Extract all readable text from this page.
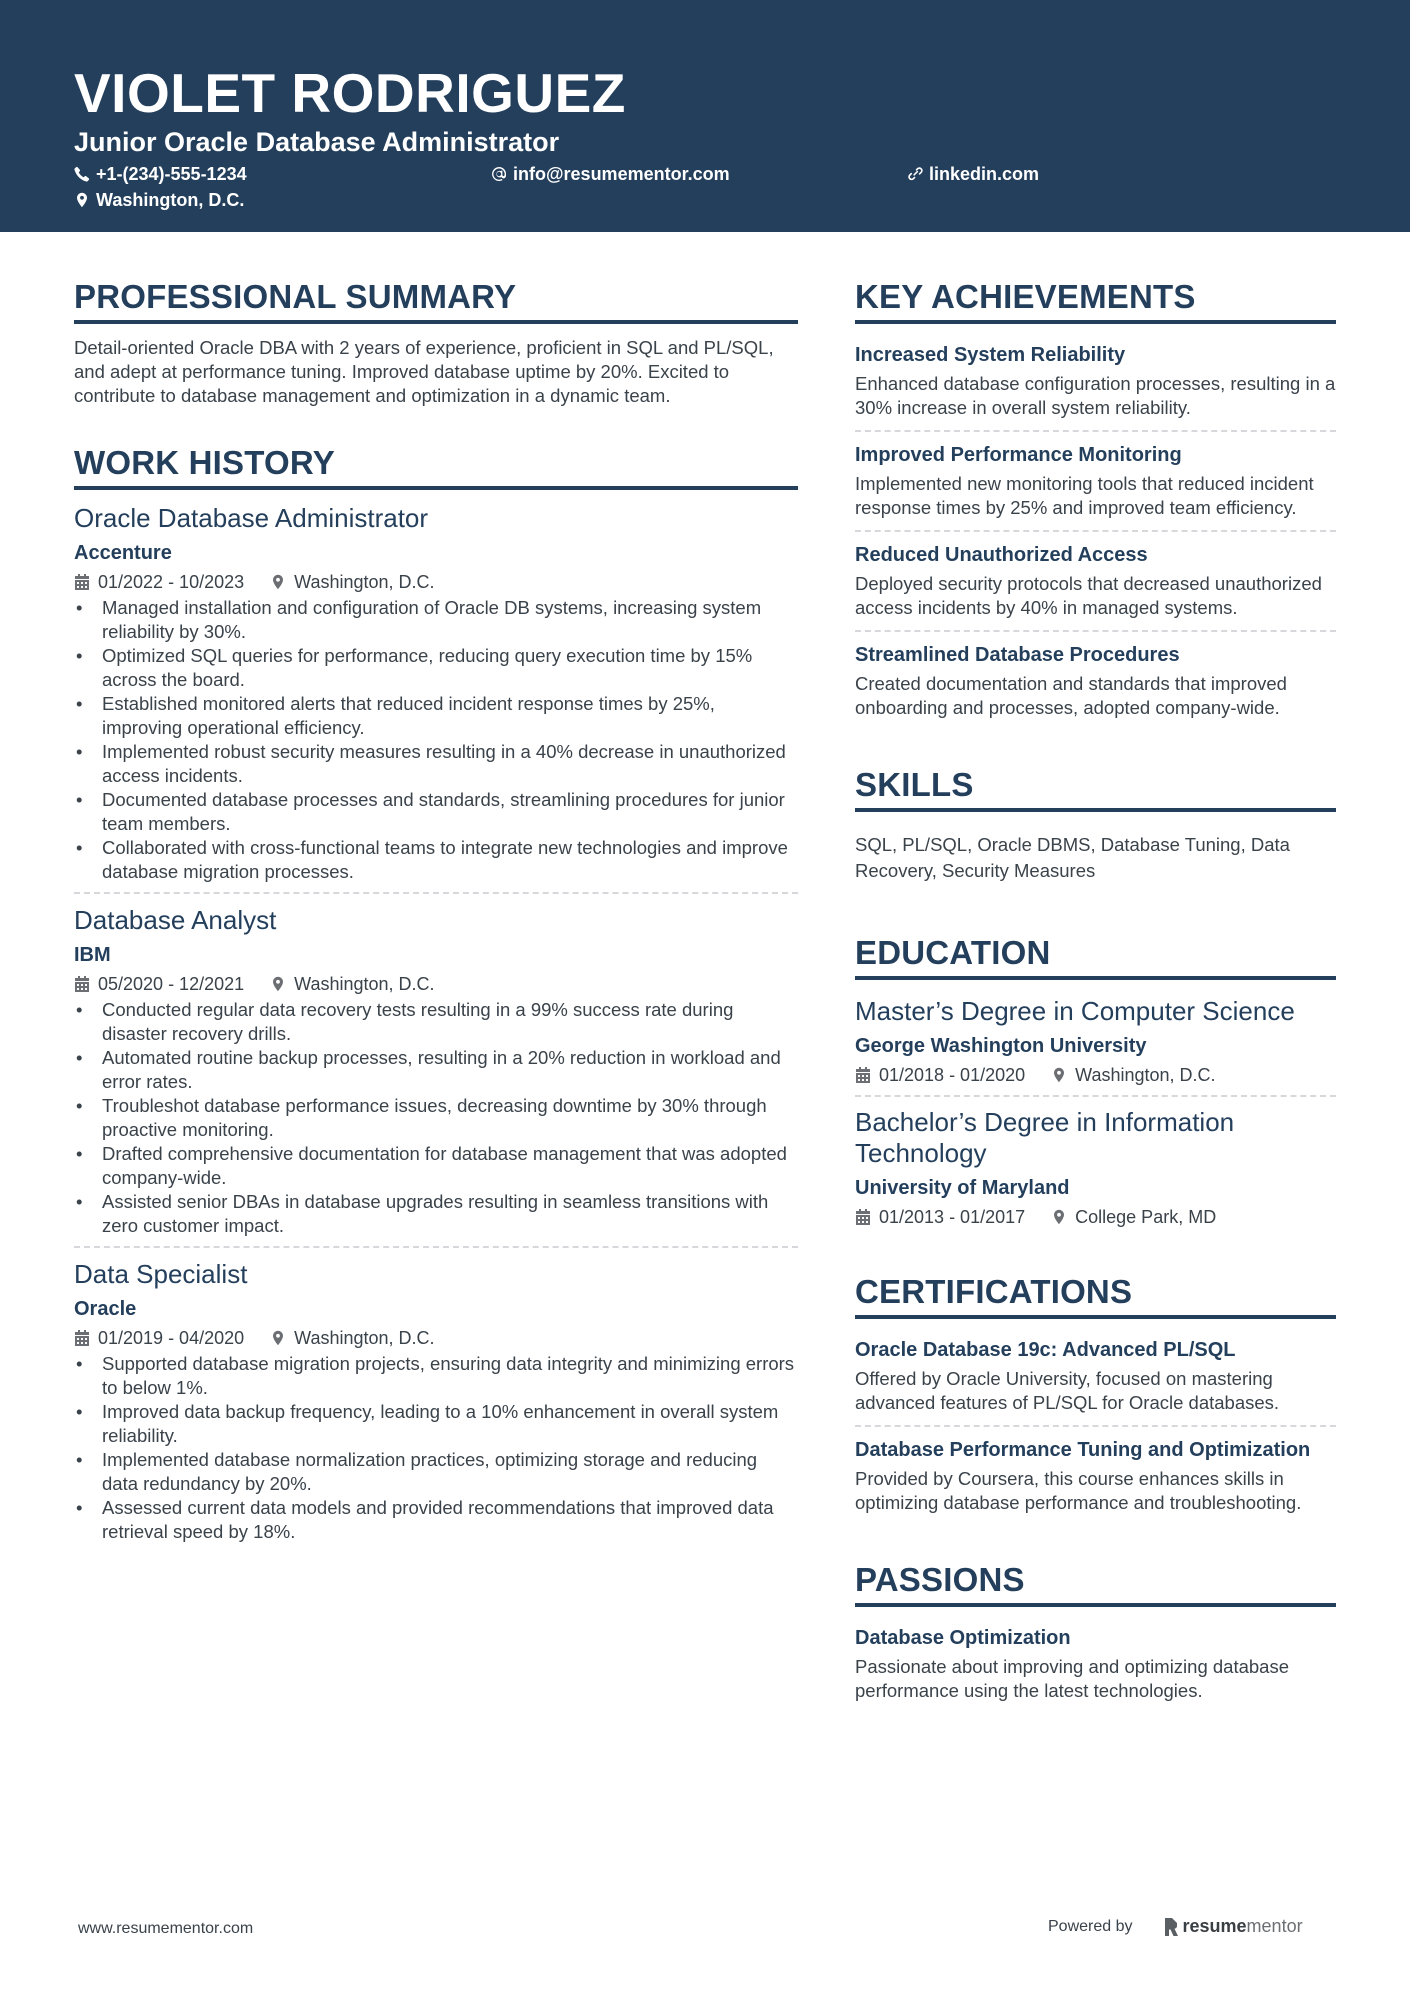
VIOLET RODRIGUEZ
Junior Oracle Database Administrator
+1-(234)-555-1234	info@resumementor.com	linkedin.com
Washington, D.C.
PROFESSIONAL SUMMARY
Detail-oriented Oracle DBA with 2 years of experience, proficient in SQL and PL/SQL, and adept at performance tuning. Improved database uptime by 20%. Excited to contribute to database management and optimization in a dynamic team.
WORK HISTORY
Oracle Database Administrator
Accenture
01/2022 - 10/2023	Washington, D.C.
• Managed installation and configuration of Oracle DB systems, increasing system reliability by 30%.
• Optimized SQL queries for performance, reducing query execution time by 15% across the board.
• Established monitored alerts that reduced incident response times by 25%, improving operational efficiency.
• Implemented robust security measures resulting in a 40% decrease in unauthorized access incidents.
• Documented database processes and standards, streamlining procedures for junior team members.
• Collaborated with cross-functional teams to integrate new technologies and improve database migration processes.
Database Analyst
IBM
05/2020 - 12/2021	Washington, D.C.
• Conducted regular data recovery tests resulting in a 99% success rate during disaster recovery drills.
• Automated routine backup processes, resulting in a 20% reduction in workload and error rates.
• Troubleshot database performance issues, decreasing downtime by 30% through proactive monitoring.
• Drafted comprehensive documentation for database management that was adopted company-wide.
• Assisted senior DBAs in database upgrades resulting in seamless transitions with zero customer impact.
Data Specialist
Oracle
01/2019 - 04/2020	Washington, D.C.
• Supported database migration projects, ensuring data integrity and minimizing errors to below 1%.
• Improved data backup frequency, leading to a 10% enhancement in overall system reliability.
• Implemented database normalization practices, optimizing storage and reducing data redundancy by 20%.
• Assessed current data models and provided recommendations that improved data retrieval speed by 18%.
KEY ACHIEVEMENTS
Increased System Reliability
Enhanced database configuration processes, resulting in a 30% increase in overall system reliability.
Improved Performance Monitoring
Implemented new monitoring tools that reduced incident response times by 25% and improved team efficiency.
Reduced Unauthorized Access
Deployed security protocols that decreased unauthorized access incidents by 40% in managed systems.
Streamlined Database Procedures
Created documentation and standards that improved onboarding and processes, adopted company-wide.
SKILLS
SQL, PL/SQL, Oracle DBMS, Database Tuning, Data Recovery, Security Measures
EDUCATION
Master’s Degree in Computer Science
George Washington University
01/2018 - 01/2020	Washington, D.C.
Bachelor’s Degree in Information Technology
University of Maryland
01/2013 - 01/2017	College Park, MD
CERTIFICATIONS
Oracle Database 19c: Advanced PL/SQL
Offered by Oracle University, focused on mastering advanced features of PL/SQL for Oracle databases.
Database Performance Tuning and Optimization
Provided by Coursera, this course enhances skills in optimizing database performance and troubleshooting.
PASSIONS
Database Optimization
Passionate about improving and optimizing database performance using the latest technologies.
www.resumementor.com	Powered by	resume mentor
